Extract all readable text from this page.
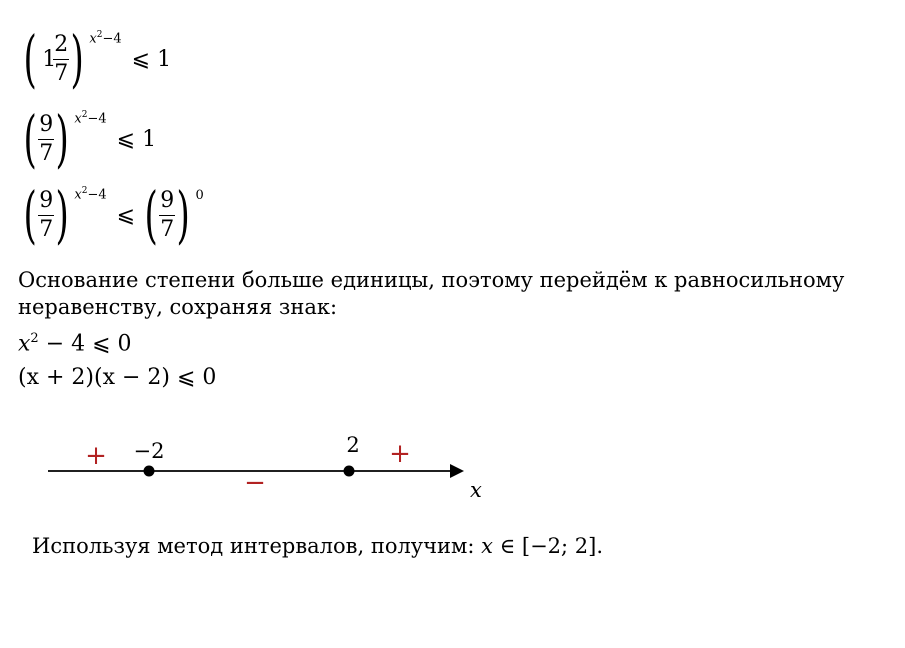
( 1
$\frac{2}{7}$ ) $x^2-4$
⩽ 1
( $\frac{9}{7}$ ) $x^2-4$
⩽ 1
( $\frac{9}{7}$ ) $x^2-4$
⩽ ( $\frac{9}{7}$ ) 0
Основание степени больше единицы, поэтому перейдём к равносильному неравенству, сохраняя знак:
$x^2 - 4$ ⩽ 0
(x + 2)(x − 2) ⩽ 0
−2	2
+
−
+
x
Используя метод интервалов, получим: x ∈ [−2; 2].
